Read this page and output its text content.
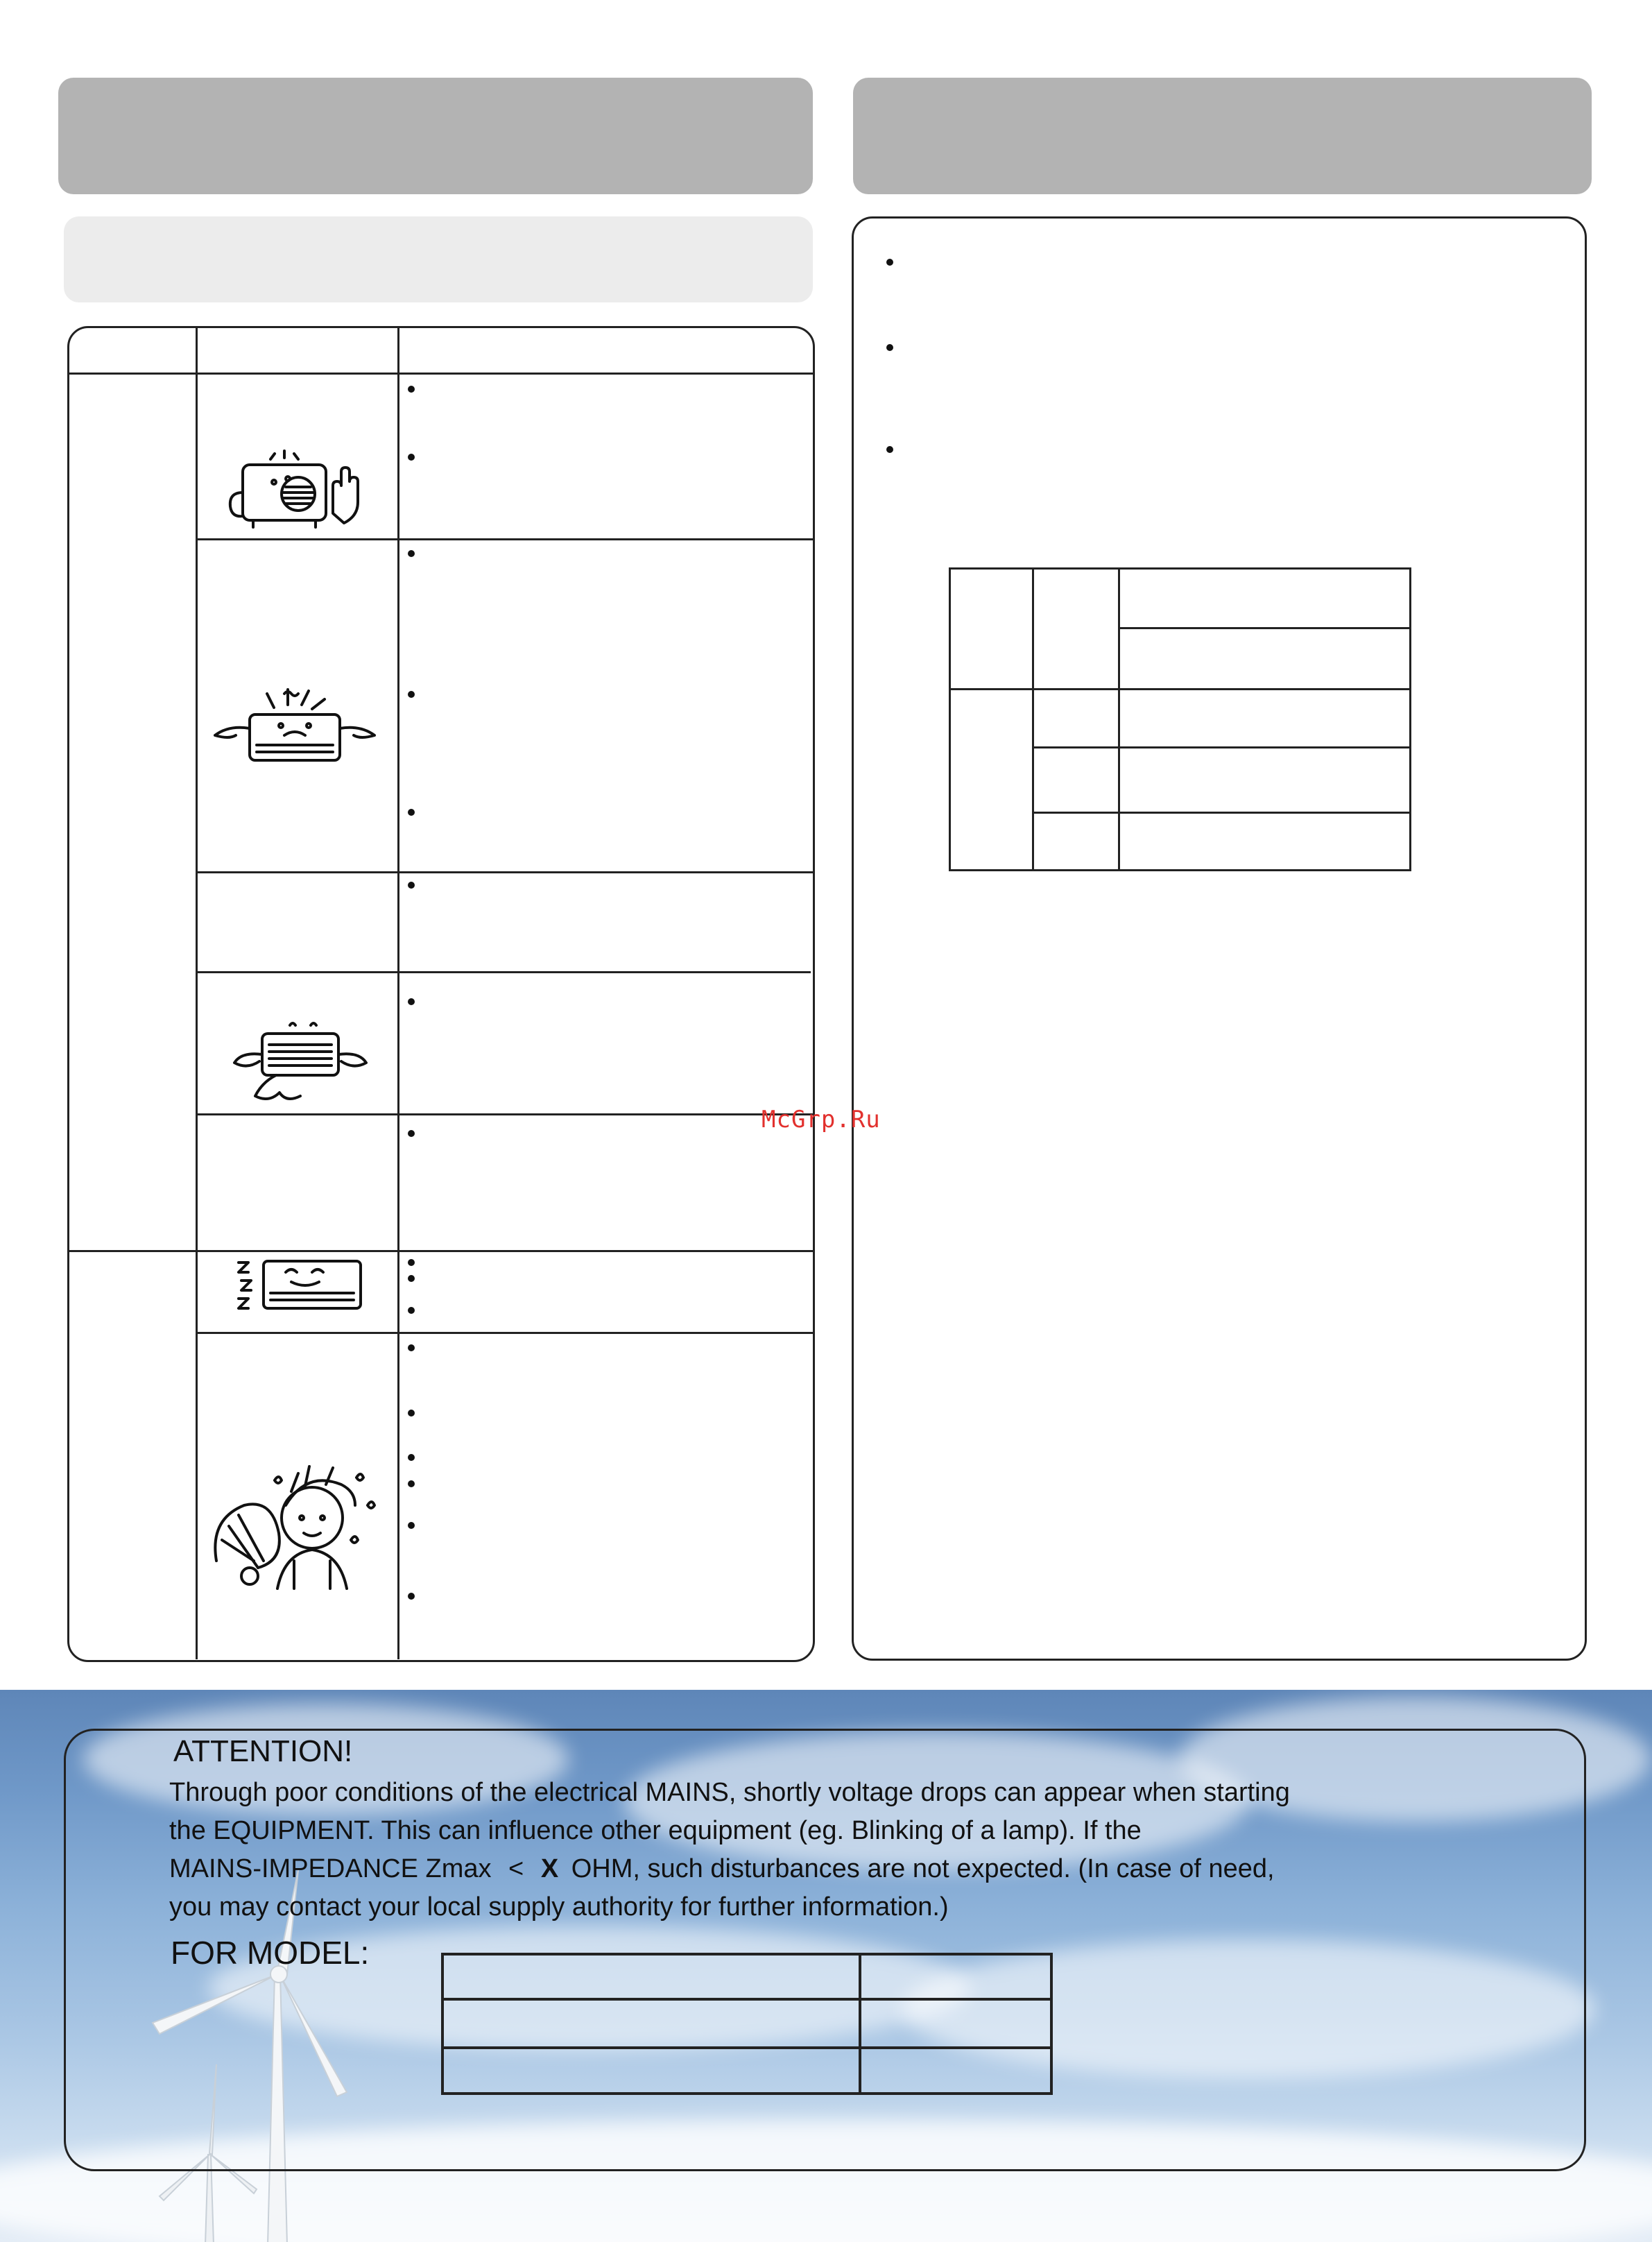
McGrp.Ru
ATTENTION!
Through poor conditions of the electrical MAINS, shortly voltage drops can appear when starting
the EQUIPMENT. This can influence other equipment (eg. Blinking of a lamp). If the
MAINS-IMPEDANCE Zmax < X OHM, such disturbances are not expected. (In case of need,
you may contact your local supply authority for further information.)
FOR MODEL:
